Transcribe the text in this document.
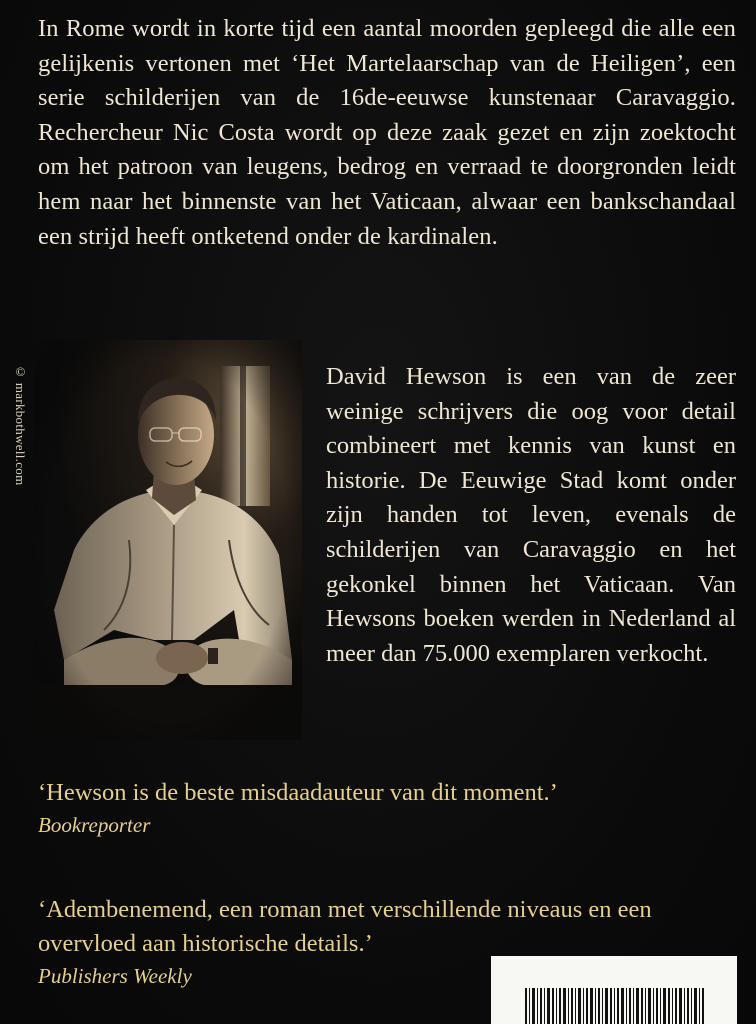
In Rome wordt in korte tijd een aantal moorden gepleegd die alle een gelijkenis vertonen met ‘Het Martelaarschap van de Heiligen’, een serie schilderijen van de 16de-eeuwse kunstenaar Caravaggio. Rechercheur Nic Costa wordt op deze zaak gezet en zijn zoektocht om het patroon van leugens, bedrog en verraad te doorgronden leidt hem naar het binnenste van het Vaticaan, alwaar een bankschandaal een strijd heeft ontketend onder de kardinalen.

© markbothwell.com	David Hewson is een van de zeer weinige schrijvers die oog voor detail combineert met kennis van kunst en historie. De Eeuwige Stad komt onder zijn handen tot leven, evenals de schilderijen van Caravaggio en het gekonkel binnen het Vaticaan. Van Hewsons boeken werden in Nederland al meer dan 75.000 exemplaren verkocht.

‘Hewson is de beste misdaadauteur van dit moment.’
Bookreporter
‘Adembenemend, een roman met verschillende niveaus en een overvloed aan historische details.’
Publishers Weekly
